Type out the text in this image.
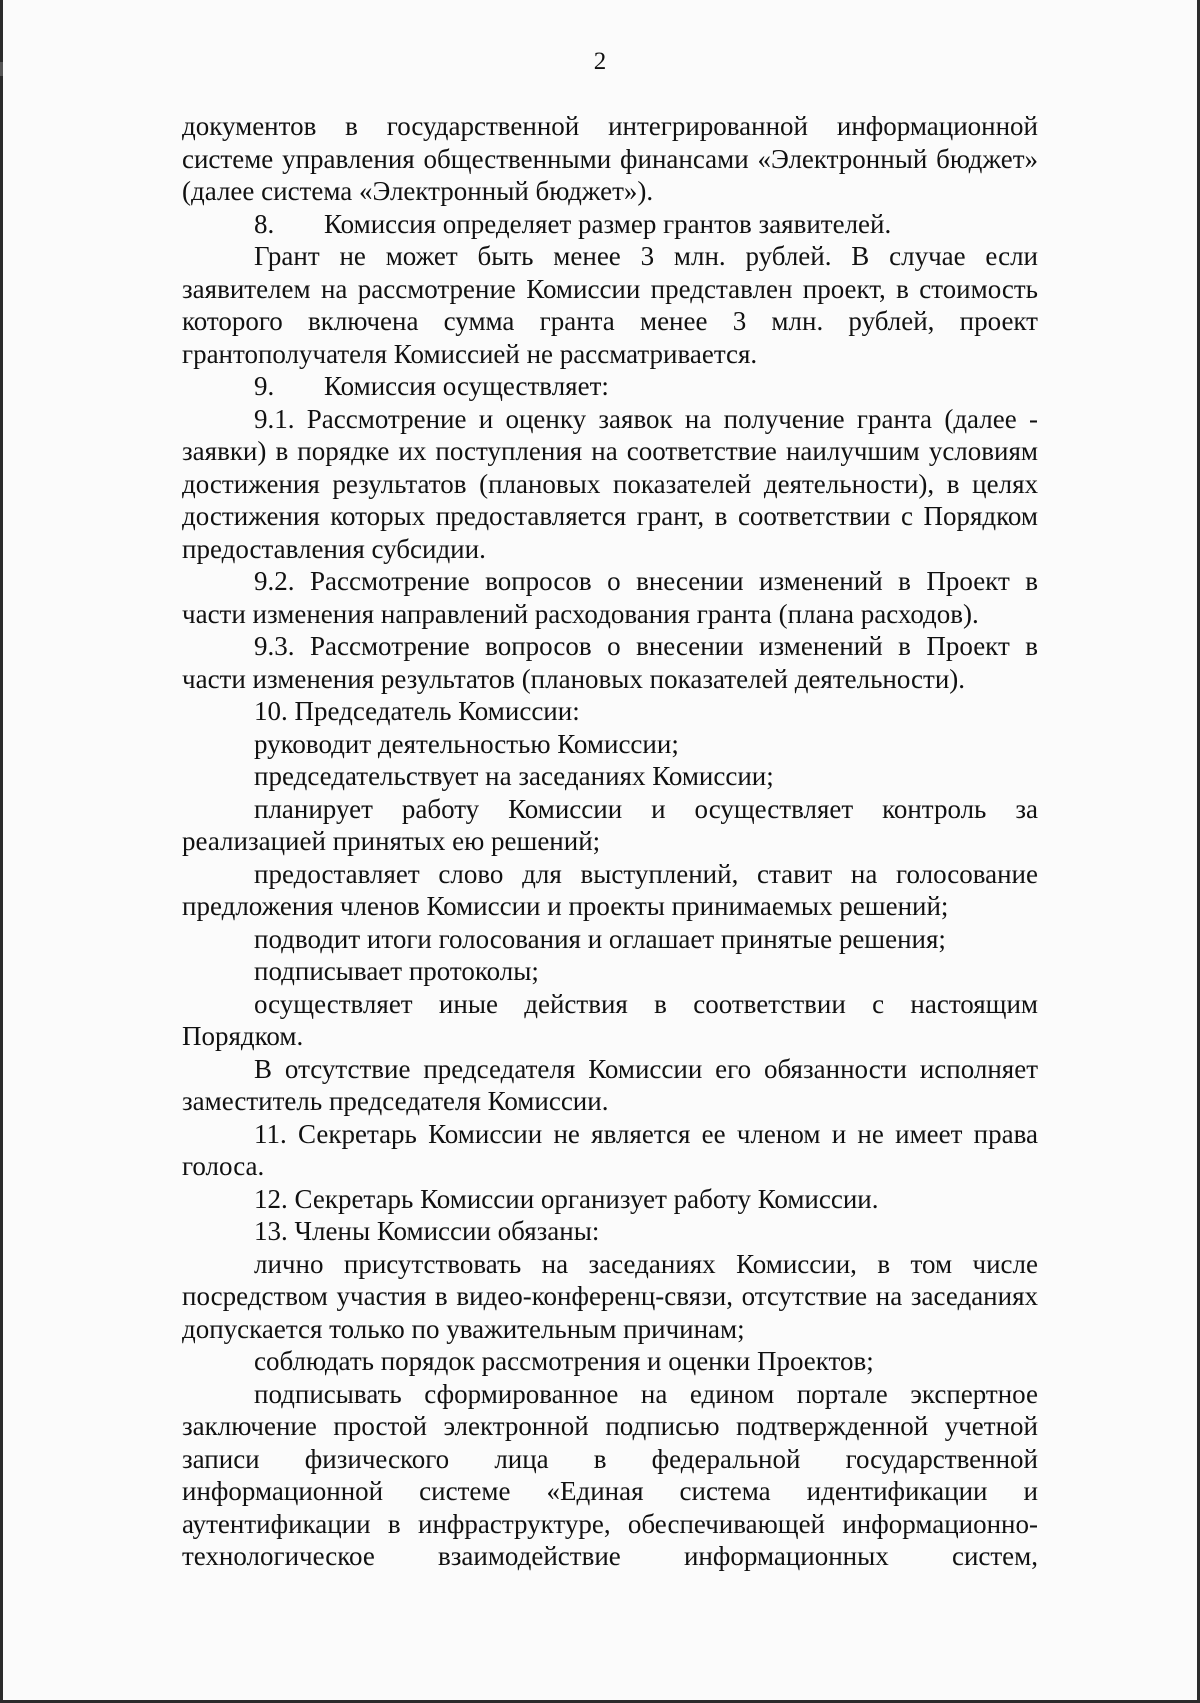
2

документов в государственной интегрированной информационной системе управления общественными финансами «Электронный бюджет» (далее система «Электронный бюджет»).

8. Комиссия определяет размер грантов заявителей.

Грант не может быть менее 3 млн. рублей. В случае если заявителем на рассмотрение Комиссии представлен проект, в стоимость которого включена сумма гранта менее 3 млн. рублей, проект грантополучателя Комиссией не рассматривается.

9. Комиссия осуществляет:

9.1. Рассмотрение и оценку заявок на получение гранта (далее - заявки) в порядке их поступления на соответствие наилучшим условиям достижения результатов (плановых показателей деятельности), в целях достижения которых предоставляется грант, в соответствии с Порядком предоставления субсидии.

9.2. Рассмотрение вопросов о внесении изменений в Проект в части изменения направлений расходования гранта (плана расходов).

9.3. Рассмотрение вопросов о внесении изменений в Проект в части изменения результатов (плановых показателей деятельности).

10. Председатель Комиссии:

руководит деятельностью Комиссии;

председательствует на заседаниях Комиссии;

планирует работу Комиссии и осуществляет контроль за реализацией принятых ею решений;

предоставляет слово для выступлений, ставит на голосование предложения членов Комиссии и проекты принимаемых решений;

подводит итоги голосования и оглашает принятые решения;

подписывает протоколы;

осуществляет иные действия в соответствии с настоящим Порядком.

В отсутствие председателя Комиссии его обязанности исполняет заместитель председателя Комиссии.

11. Секретарь Комиссии не является ее членом и не имеет права голоса.

12. Секретарь Комиссии организует работу Комиссии.

13. Члены Комиссии обязаны:

лично присутствовать на заседаниях Комиссии, в том числе посредством участия в видео-конференц-связи, отсутствие на заседаниях допускается только по уважительным причинам;

соблюдать порядок рассмотрения и оценки Проектов;

подписывать сформированное на едином портале экспертное заключение простой электронной подписью подтвержденной учетной записи физического лица в федеральной государственной информационной системе «Единая система идентификации и аутентификации в инфраструктуре, обеспечивающей информационно-технологическое взаимодействие информационных систем,
